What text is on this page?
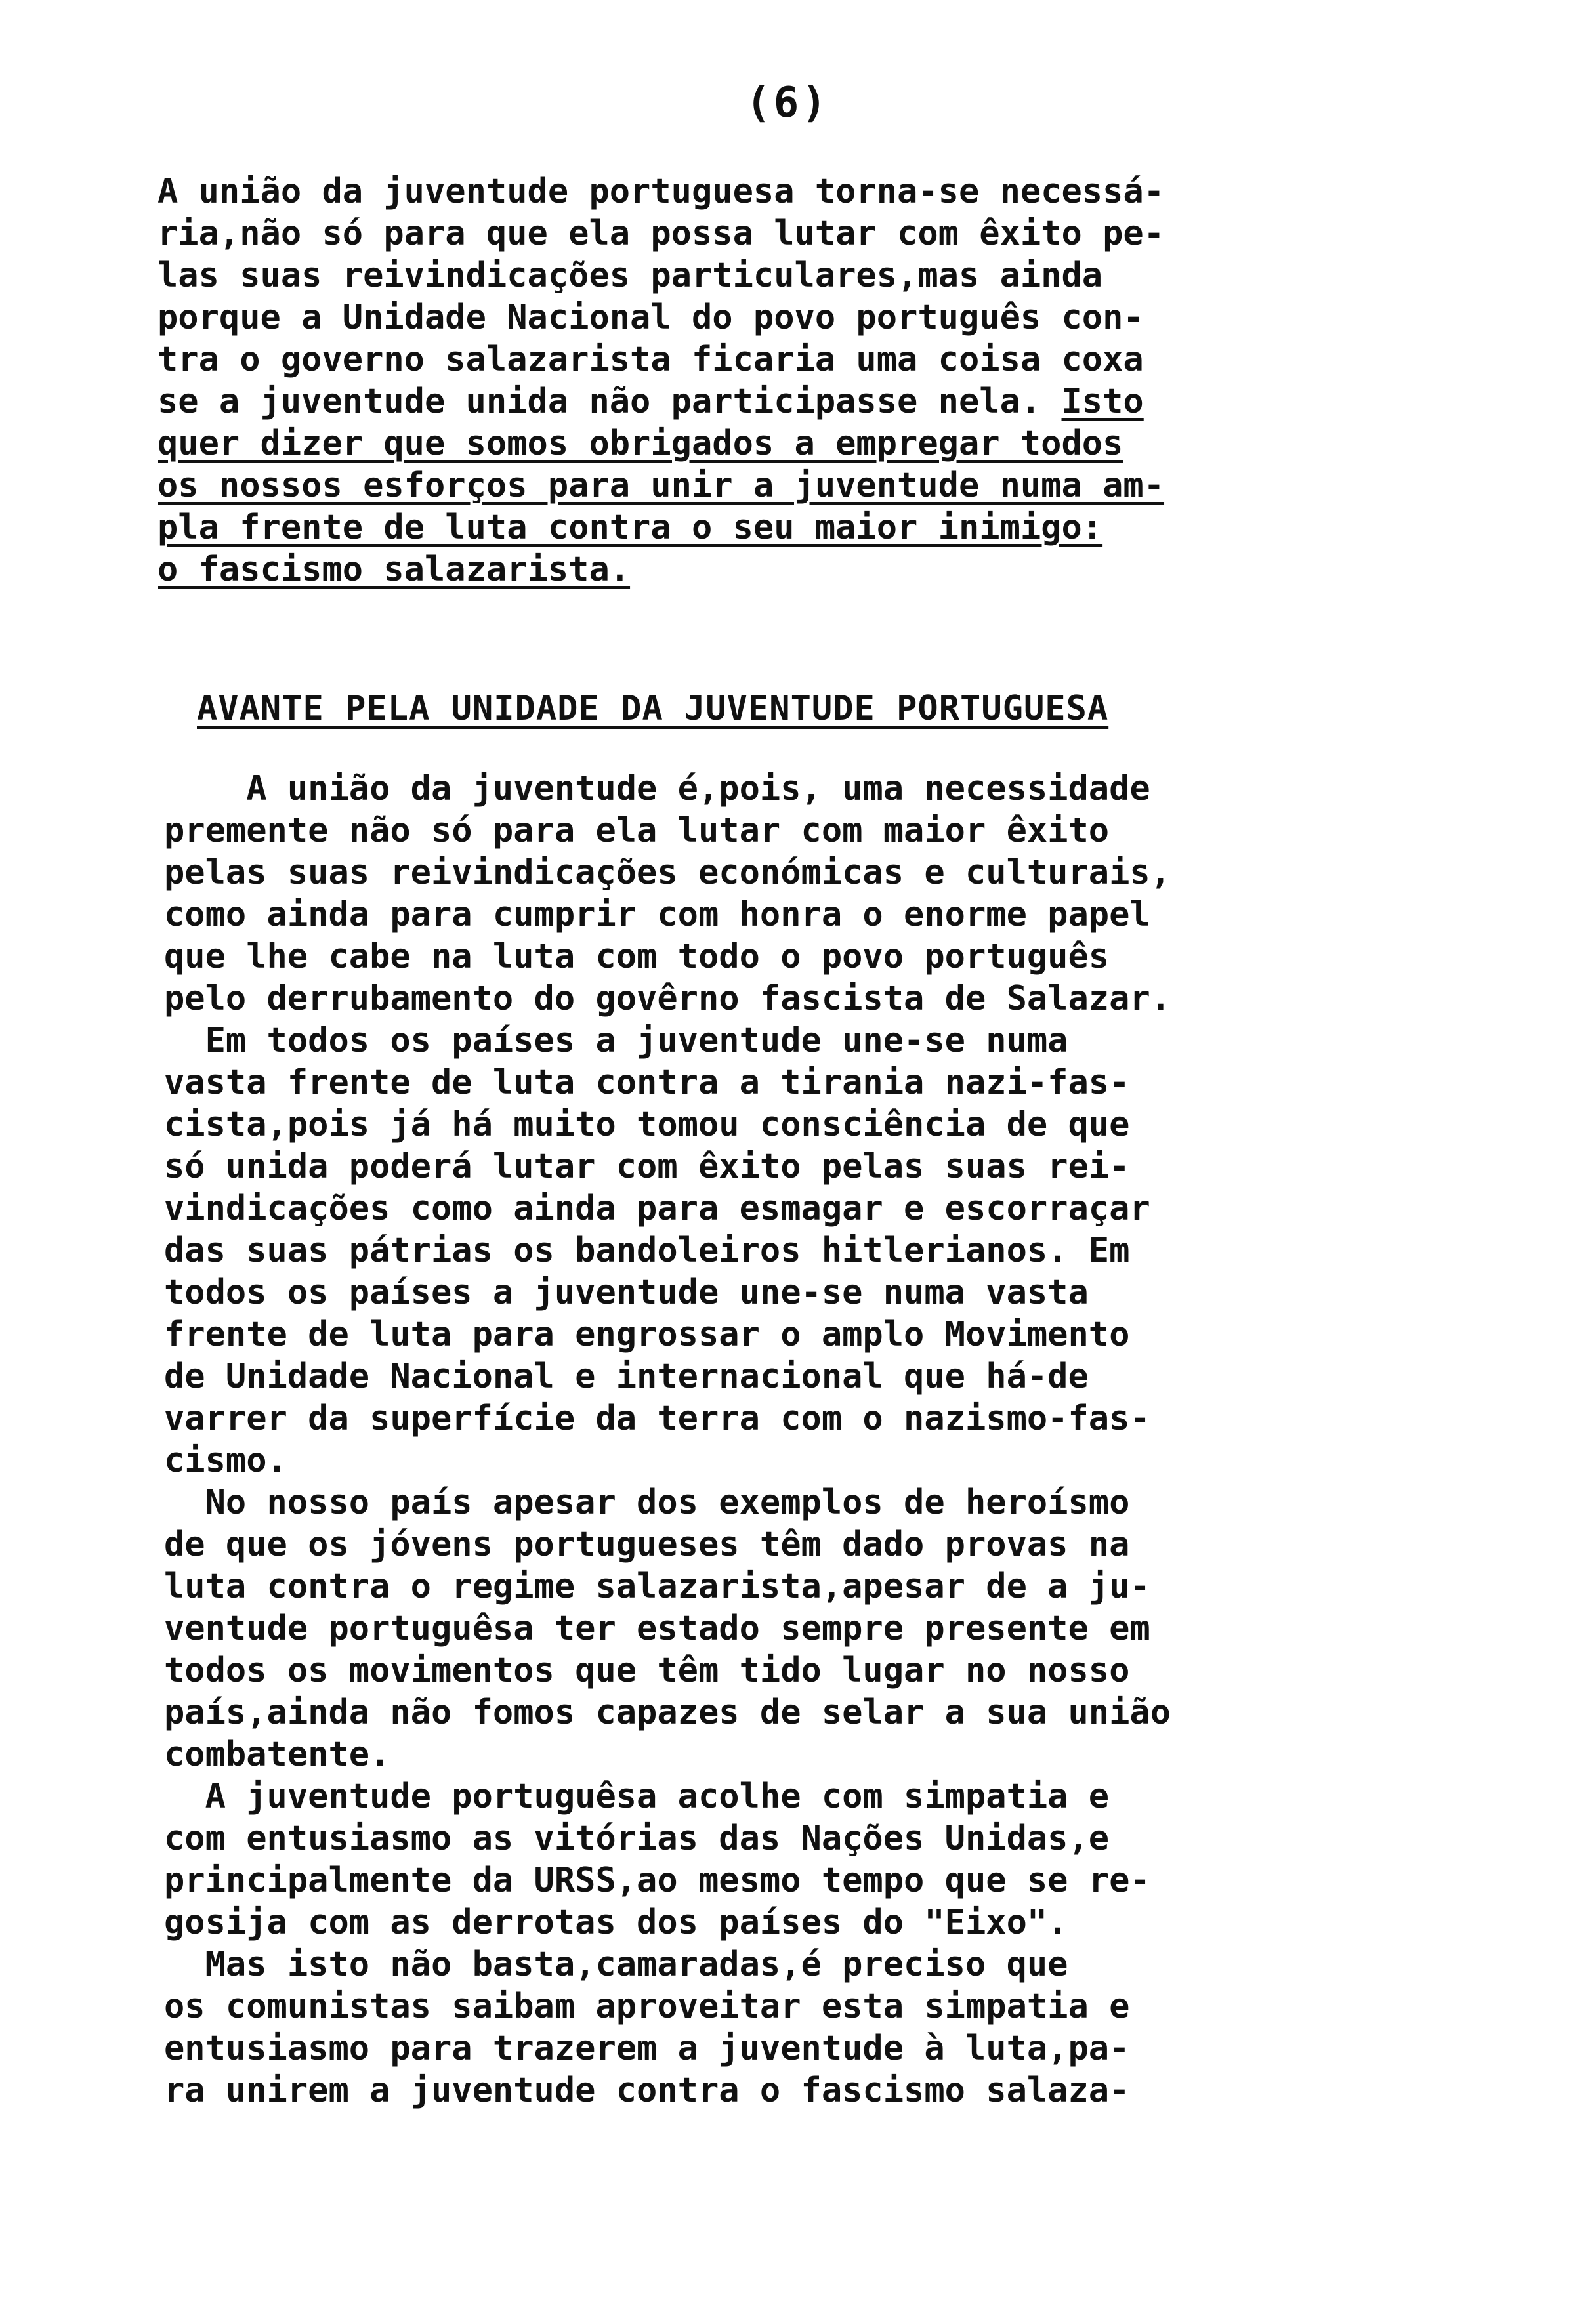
(6)
A união da juventude portuguesa torna-se necessá-
ria,não só para que ela possa lutar com êxito pe-
las suas reivindicações particulares,mas ainda
porque a Unidade Nacional do povo português con-
tra o governo salazarista ficaria uma coisa coxa
se a juventude unida não participasse nela. Isto
quer dizer que somos obrigados a empregar todos
os nossos esforços para unir a juventude numa am-
pla frente de luta contra o seu maior inimigo:
o fascismo salazarista.
AVANTE PELA UNIDADE DA JUVENTUDE PORTUGUESA
A união da juventude é,pois, uma necessidade
premente não só para ela lutar com maior êxito
pelas suas reivindicações económicas e culturais,
como ainda para cumprir com honra o enorme papel
que lhe cabe na luta com todo o povo português
pelo derrubamento do govêrno fascista de Salazar.
Em todos os países a juventude une-se numa
vasta frente de luta contra a tirania nazi-fas-
cista,pois já há muito tomou consciência de que
só unida poderá lutar com êxito pelas suas rei-
vindicações como ainda para esmagar e escorraçar
das suas pátrias os bandoleiros hitlerianos. Em
todos os países a juventude une-se numa vasta
frente de luta para engrossar o amplo Movimento
de Unidade Nacional e internacional que há-de
varrer da superfície da terra com o nazismo-fas-
cismo.
No nosso país apesar dos exemplos de heroísmo
de que os jóvens portugueses têm dado provas na
luta contra o regime salazarista,apesar de a ju-
ventude portuguêsa ter estado sempre presente em
todos os movimentos que têm tido lugar no nosso
país,ainda não fomos capazes de selar a sua união
combatente.
A juventude portuguêsa acolhe com simpatia e
com entusiasmo as vitórias das Nações Unidas,e
principalmente da URSS,ao mesmo tempo que se re-
gosija com as derrotas dos países do "Eixo".
Mas isto não basta,camaradas,é preciso que
os comunistas saibam aproveitar esta simpatia e
entusiasmo para trazerem a juventude à luta,pa-
ra unirem a juventude contra o fascismo salaza-
